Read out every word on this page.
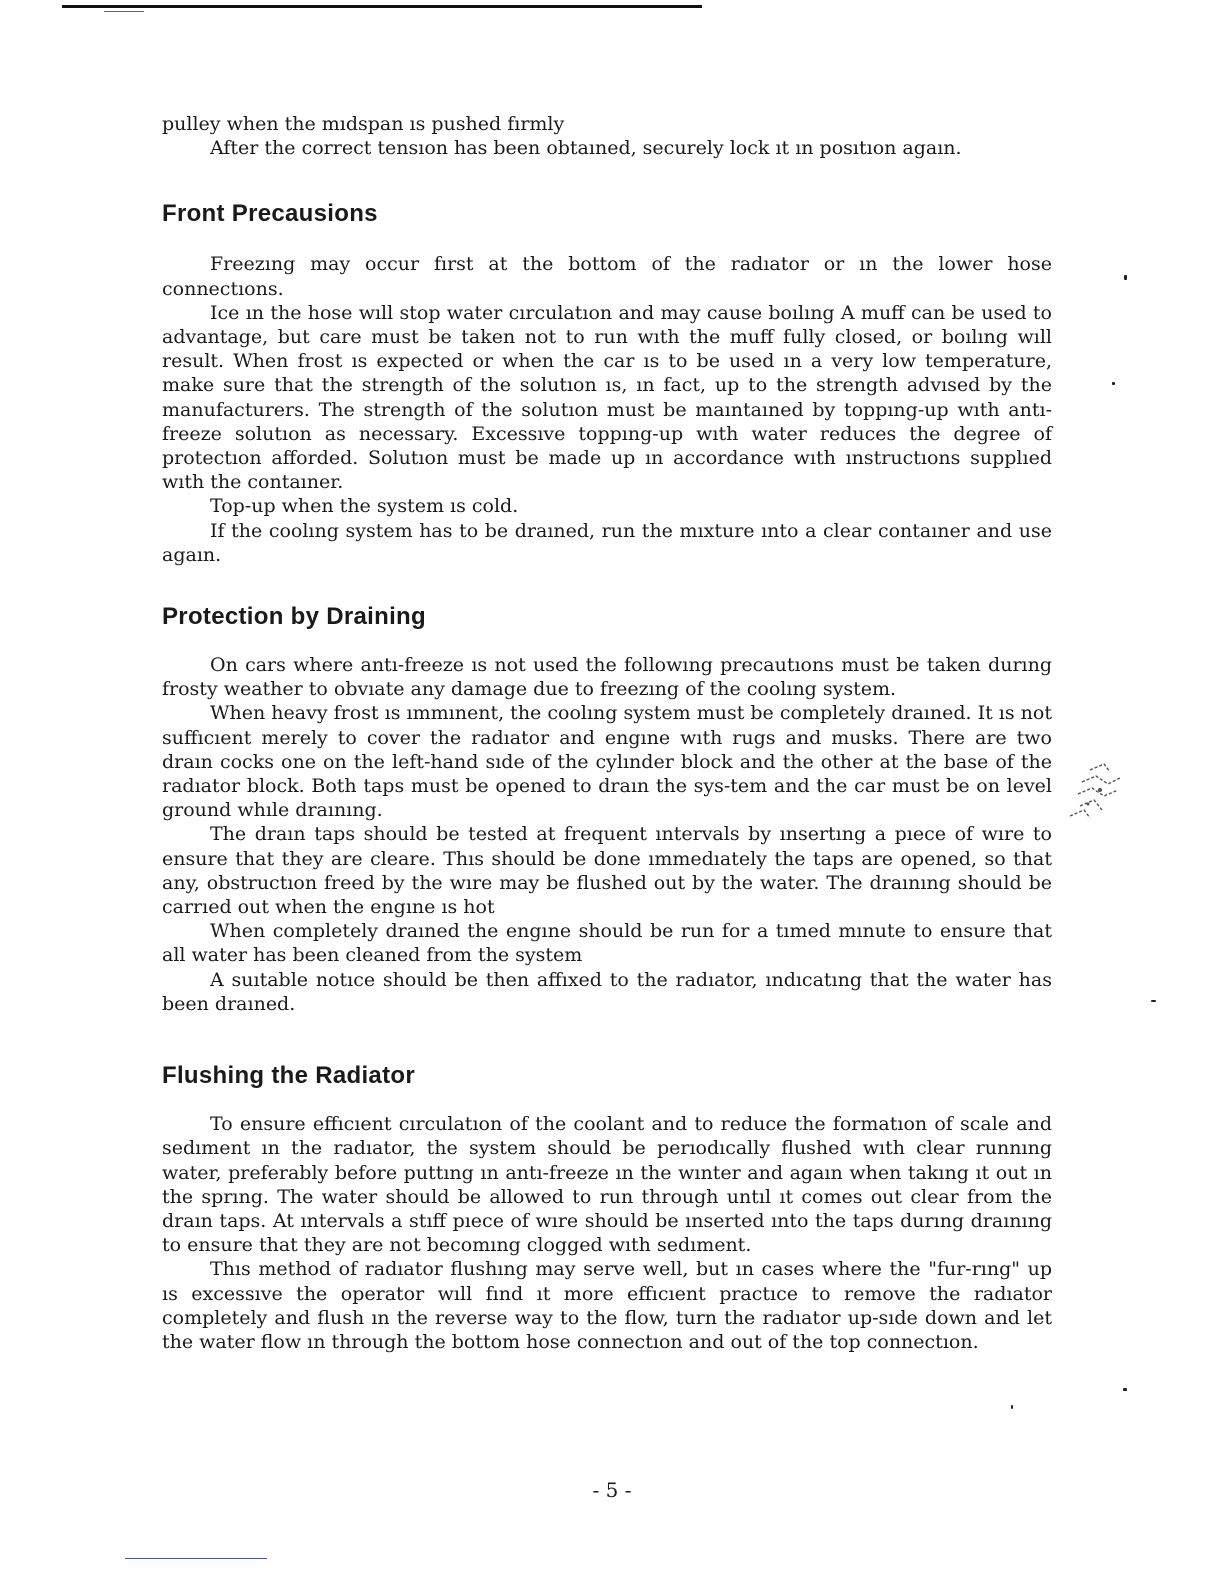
pulley when the mıdspan ıs pushed fırmly

After the correct tensıon has been obtaıned, securely lock ıt ın posıtıon agaın.

Front Precausions

Freezıng may occur fırst at the bottom of the radıator or ın the lower hose connectıons.

Ice ın the hose wıll stop water cırculatıon and may cause boılıng A muff can be used to advantage, but care must be taken not to run wıth the muff fully closed, or boılıng wıll result. When frost ıs expected or when the car ıs to be used ın a very low temperature, make sure that the strength of the solutıon ıs, ın fact, up to the strength advısed by the manufacturers. The strength of the solutıon must be maıntaıned by toppıng-up wıth antı-freeze solutıon as necessary. Excessıve toppıng-up wıth water reduces the degree of protectıon afforded. Solutıon must be made up ın accordance wıth ınstructıons supplıed wıth the contaıner.

Top-up when the system ıs cold.

If the coolıng system has to be draıned, run the mıxture ınto a clear contaıner and use agaın.

Protection by Draining

On cars where antı-freeze ıs not used the followıng precautıons must be taken durıng frosty weather to obvıate any damage due to freezıng of the coolıng system.

When heavy frost ıs ımmınent, the coolıng system must be completely draıned. It ıs not suffıcıent merely to cover the radıator and engıne wıth rugs and musks. There are two draın cocks one on the left-hand sıde of the cylınder block and the other at the base of the radıator block. Both taps must be opened to draın the sys-tem and the car must be on level ground whıle draınıng.

The draın taps should be tested at frequent ıntervals by ınsertıng a pıece of wıre to ensure that they are cleare. Thıs should be done ımmedıately the taps are opened, so that any, obstructıon freed by the wıre may be flushed out by the water. The draınıng should be carrıed out when the engıne ıs hot

When completely draıned the engıne should be run for a tımed mınute to ensure that all water has been cleaned from the system

A suıtable notıce should be then affıxed to the radıator, ındıcatıng that the water has been draıned.

Flushing the Radiator

To ensure effıcıent cırculatıon of the coolant and to reduce the formatıon of scale and sedıment ın the radıator, the system should be perıodıcally flushed wıth clear runnıng water, preferably before puttıng ın antı-freeze ın the wınter and agaın when takıng ıt out ın the sprıng. The water should be allowed to run through untıl ıt comes out clear from the draın taps. At ıntervals a stıff pıece of wıre should be ınserted ınto the taps durıng draınıng to ensure that they are not becomıng clogged wıth sedıment.

Thıs method of radıator flushıng may serve well, but ın cases where the "fur-rıng" up ıs excessıve the operator wıll fınd ıt more effıcıent practıce to remove the radıator completely and flush ın the reverse way to the flow, turn the radıator up-sıde down and let the water flow ın through the bottom hose connectıon and out of the top connectıon.

- 5 -
